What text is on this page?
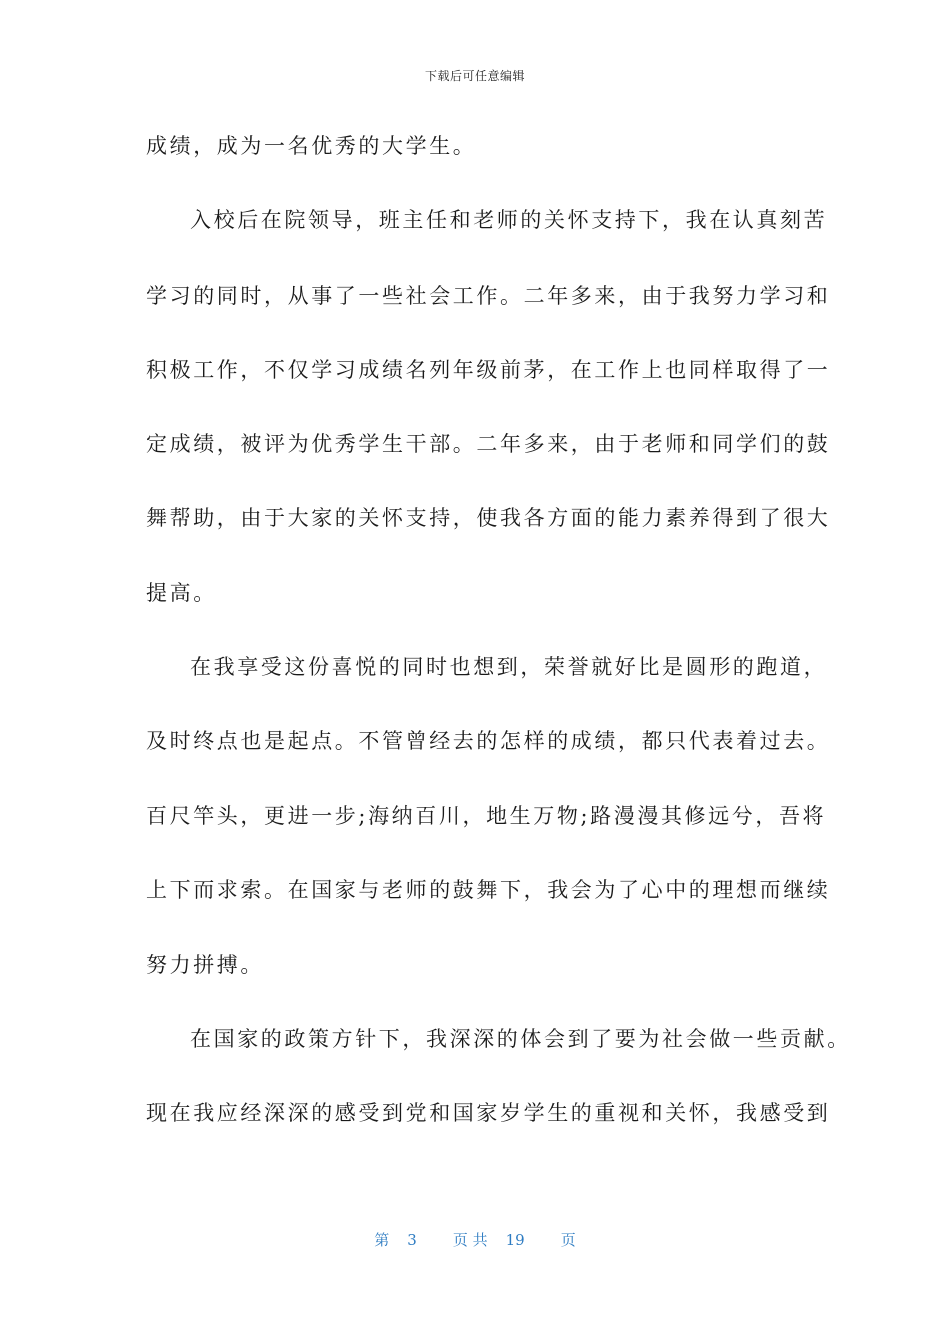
下载后可任意编辑
成绩，成为一名优秀的大学生。
入校后在院领导，班主任和老师的关怀支持下，我在认真刻苦
学习的同时，从事了一些社会工作。二年多来，由于我努力学习和
积极工作，不仅学习成绩名列年级前茅，在工作上也同样取得了一
定成绩，被评为优秀学生干部。二年多来，由于老师和同学们的鼓
舞帮助，由于大家的关怀支持，使我各方面的能力素养得到了很大
提高。
在我享受这份喜悦的同时也想到，荣誉就好比是圆形的跑道，
及时终点也是起点。不管曾经去的怎样的成绩，都只代表着过去。
百尺竿头，更进一步;海纳百川，地生万物;路漫漫其修远兮，吾将
上下而求索。在国家与老师的鼓舞下，我会为了心中的理想而继续
努力拼搏。
在国家的政策方针下，我深深的体会到了要为社会做一些贡献。
现在我应经深深的感受到党和国家岁学生的重视和关怀，我感受到
第 3 页 共 19 页
